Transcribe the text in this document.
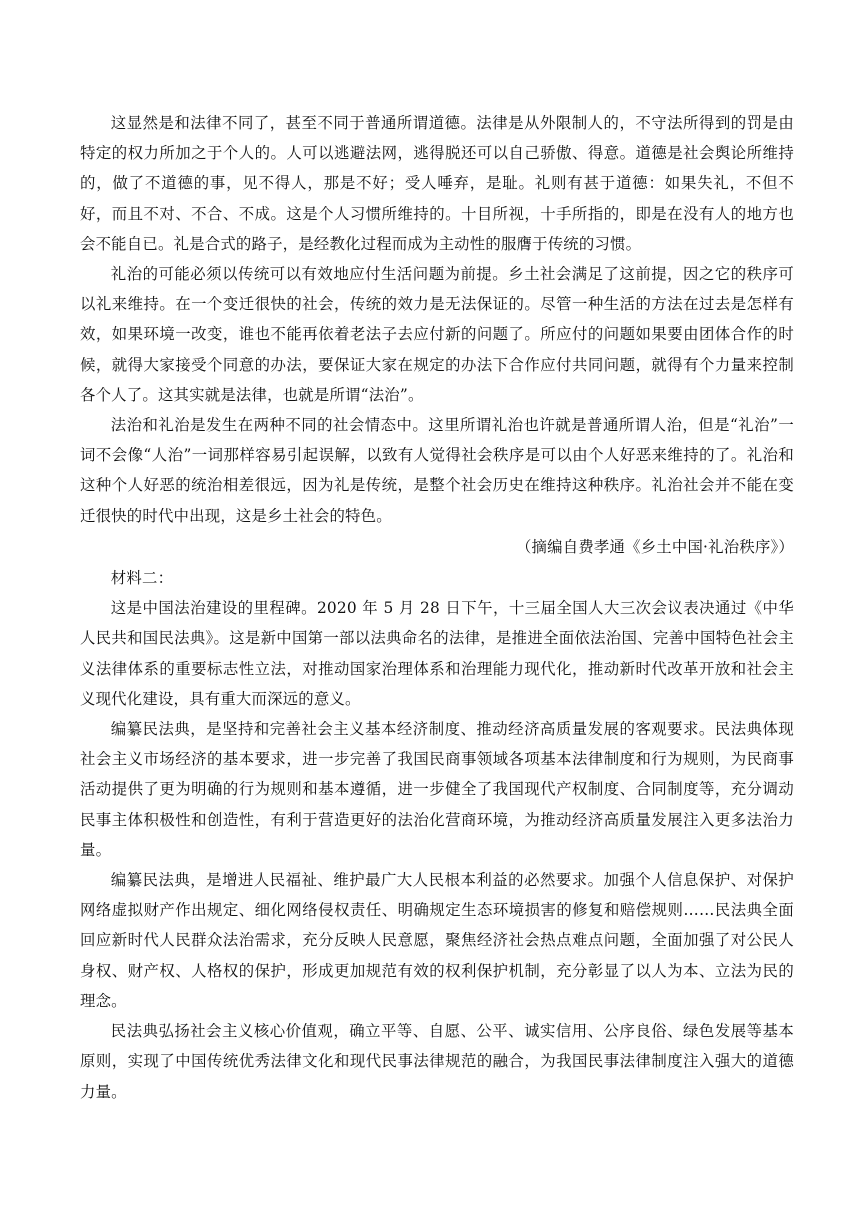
这显然是和法律不同了，甚至不同于普通所谓道德。法律是从外限制人的，不守法所得到的罚是由特定的权力所加之于个人的。人可以逃避法网，逃得脱还可以自己骄傲、得意。道德是社会舆论所维持的，做了不道德的事，见不得人，那是不好；受人唾弃，是耻。礼则有甚于道德：如果失礼，不但不好，而且不对、不合、不成。这是个人习惯所维持的。十目所视，十手所指的，即是在没有人的地方也会不能自已。礼是合式的路子，是经教化过程而成为主动性的服膺于传统的习惯。

礼治的可能必须以传统可以有效地应付生活问题为前提。乡土社会满足了这前提，因之它的秩序可以礼来维持。在一个变迁很快的社会，传统的效力是无法保证的。尽管一种生活的方法在过去是怎样有效，如果环境一改变，谁也不能再依着老法子去应付新的问题了。所应付的问题如果要由团体合作的时候，就得大家接受个同意的办法，要保证大家在规定的办法下合作应付共同问题，就得有个力量来控制各个人了。这其实就是法律，也就是所谓“法治”。

法治和礼治是发生在两种不同的社会情态中。这里所谓礼治也许就是普通所谓人治，但是“礼治”一词不会像“人治”一词那样容易引起误解，以致有人觉得社会秩序是可以由个人好恶来维持的了。礼治和这种个人好恶的统治相差很远，因为礼是传统，是整个社会历史在维持这种秩序。礼治社会并不能在变迁很快的时代中出现，这是乡土社会的特色。

（摘编自费孝通《乡土中国·礼治秩序》）

材料二：

这是中国法治建设的里程碑。2020 年 5 月 28 日下午，十三届全国人大三次会议表决通过《中华人民共和国民法典》。这是新中国第一部以法典命名的法律，是推进全面依法治国、完善中国特色社会主义法律体系的重要标志性立法，对推动国家治理体系和治理能力现代化，推动新时代改革开放和社会主义现代化建设，具有重大而深远的意义。

编纂民法典，是坚持和完善社会主义基本经济制度、推动经济高质量发展的客观要求。民法典体现社会主义市场经济的基本要求，进一步完善了我国民商事领域各项基本法律制度和行为规则，为民商事活动提供了更为明确的行为规则和基本遵循，进一步健全了我国现代产权制度、合同制度等，充分调动民事主体积极性和创造性，有利于营造更好的法治化营商环境，为推动经济高质量发展注入更多法治力量。

编纂民法典，是增进人民福祉、维护最广大人民根本利益的必然要求。加强个人信息保护、对保护网络虚拟财产作出规定、细化网络侵权责任、明确规定生态环境损害的修复和赔偿规则……民法典全面回应新时代人民群众法治需求，充分反映人民意愿，聚焦经济社会热点难点问题，全面加强了对公民人身权、财产权、人格权的保护，形成更加规范有效的权利保护机制，充分彰显了以人为本、立法为民的理念。

民法典弘扬社会主义核心价值观，确立平等、自愿、公平、诚实信用、公序良俗、绿色发展等基本原则，实现了中国传统优秀法律文化和现代民事法律规范的融合，为我国民事法律制度注入强大的道德力量。
